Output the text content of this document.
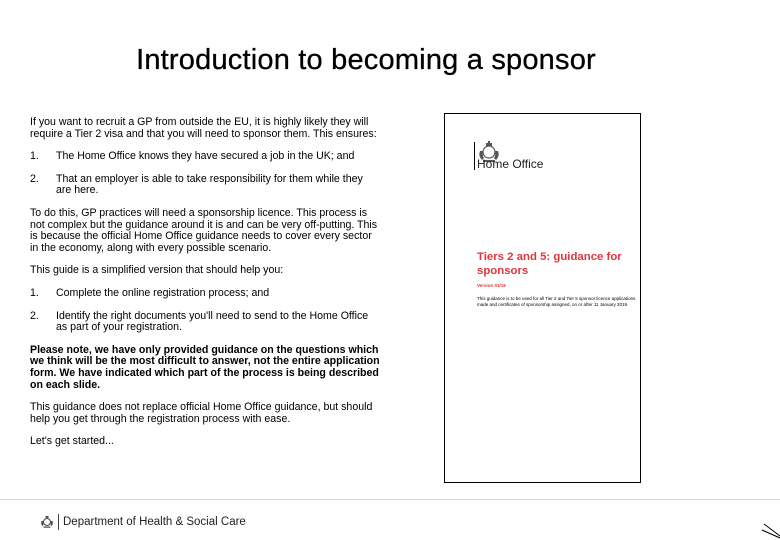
Introduction to becoming a sponsor

If you want to recruit a GP from outside the EU, it is highly likely they will require a Tier 2 visa and that you will need to sponsor them. This ensures:

1.	The Home Office knows they have secured a job in the UK; and
2.	That an employer is able to take responsibility for them while they are here.

To do this, GP practices will need a sponsorship licence. This process is not complex but the guidance around it is and can be very off-putting. This is because the official Home Office guidance needs to cover every sector in the economy, along with every possible scenario.

This guide is a simplified version that should help you:

1.	Complete the online registration process; and
2.	Identify the right documents you'll need to send to the Home Office as part of your registration.

Please note, we have only provided guidance on the questions which we think will be the most difficult to answer, not the entire application form. We have indicated which part of the process is being described on each slide.

This guidance does not replace official Home Office guidance, but should help you get through the registration process with ease.

Let's get started...

Home Office
Tiers 2 and 5: guidance for sponsors
Version 01/19
This guidance is to be used for all Tier 2 and Tier 5 sponsor licence applications made and certificates of sponsorship assigned, on or after 11 January 2019.
Department of Health & Social Care
